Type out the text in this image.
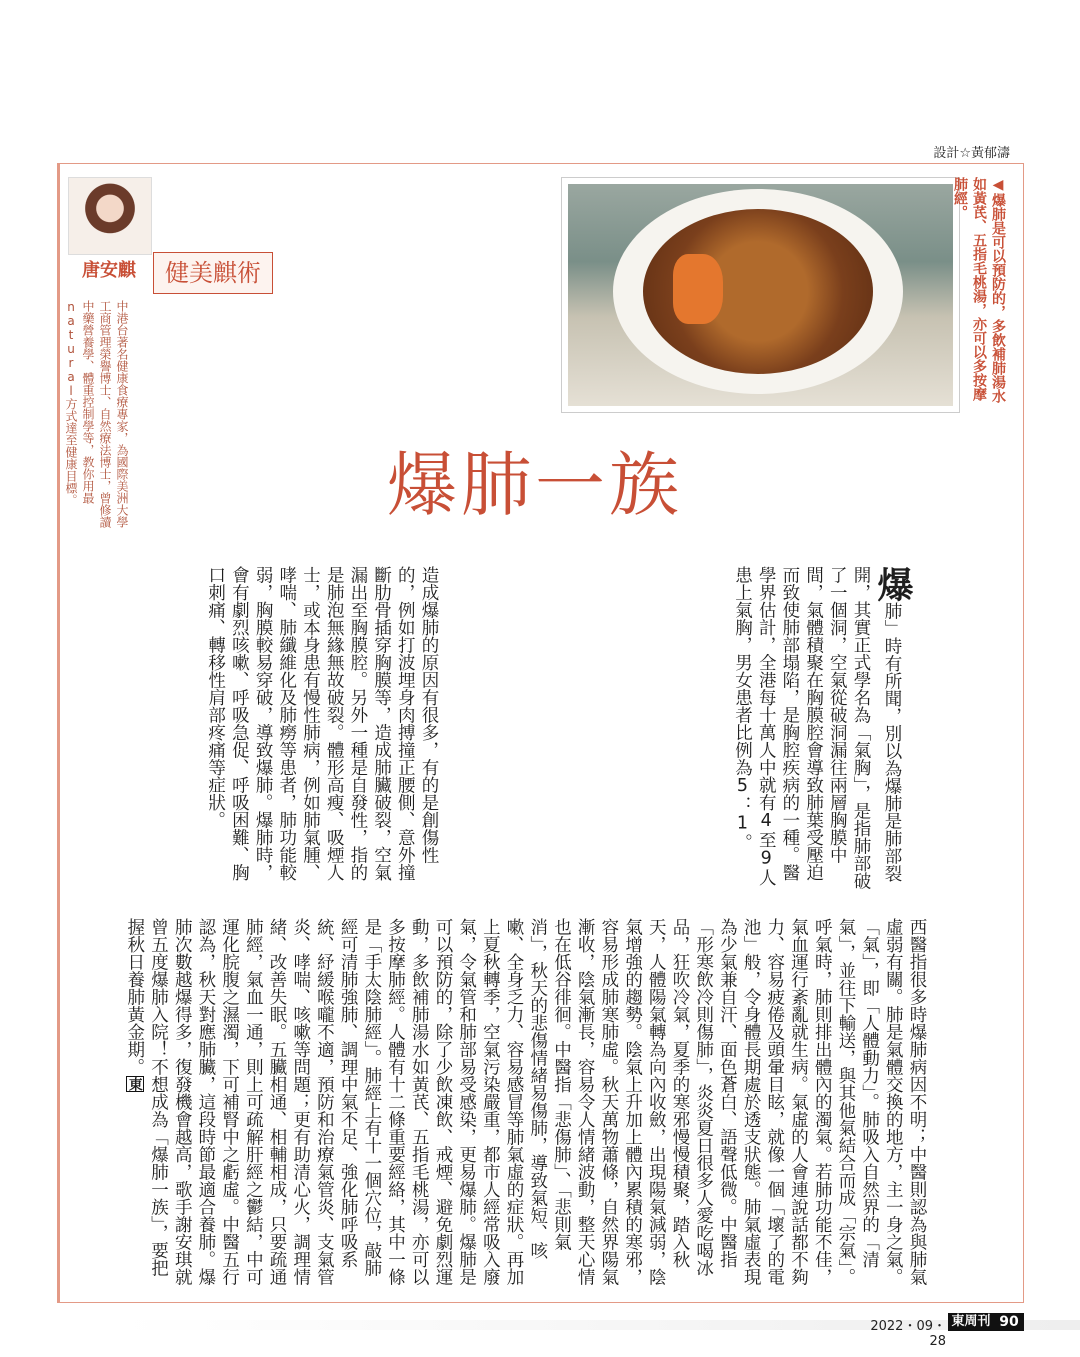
設計☆黃郁濤
唐安麒	健美麒術

中港台著名健康食療專家，為國際美洲大學工商管理榮譽博士、自然療法博士，曾修讀中藥營養學、體重控制學等，教你用最natural方式達至健康目標。	◀爆肺是可以預防的，多飲補肺湯水如黃芪、五指毛桃湯，亦可以多按摩肺經。

爆肺一族
爆肺」時有所聞，別以為爆肺是肺部裂開，其實正式學名為「氣胸」，是指肺部破了一個洞，空氣從破洞漏往兩層胸膜中間，氣體積聚在胸膜腔會導致肺葉受壓迫而致使肺部塌陷，是胸腔疾病的一種。醫學界估計，全港每十萬人中就有4至9人患上氣胸，男女患者比例為5：1。
造成爆肺的原因有很多，有的是創傷性的，例如打波埋身肉搏撞正腰側、意外撞斷肋骨插穿胸膜等，造成肺臟破裂，空氣漏出至胸膜腔。另外一種是自發性，指的是肺泡無緣無故破裂。體形高瘦、吸煙人士，或本身患有慢性肺病，例如肺氣腫、哮喘、肺纖維化及肺癆等患者，肺功能較弱，胸膜較易穿破，導致爆肺。爆肺時，會有劇烈咳嗽、呼吸急促、呼吸困難、胸口刺痛、轉移性肩部疼痛等症狀。
西醫指很多時爆肺病因不明；中醫則認為與肺氣虛弱有關。肺是氣體交換的地方，主一身之氣。「氣」，即「人體動力」。肺吸入自然界的「清氣」，並往下輸送，與其他氣結合而成「宗氣」。呼氣時，肺則排出體內的濁氣。若肺功能不佳，氣血運行紊亂就生病。氣虛的人會連說話都不夠力、容易疲倦及頭暈目眩，就像一個「壞了的電池」般，令身體長期處於透支狀態。肺氣虛表現為少氣兼自汗、面色蒼白、語聲低微。中醫指「形寒飲冷則傷肺」，炎炎夏日很多人愛吃喝冰品，狂吹冷氣，夏季的寒邪慢慢積聚，踏入秋天，人體陽氣轉為向內收斂，出現陽氣減弱，陰氣增強的趨勢。陰氣上升加上體內累積的寒邪，容易形成肺寒肺虛。秋天萬物蕭條，自然界陽氣漸收，陰氣漸長，容易令人情緒波動，整天心情也在低谷徘徊。中醫指「悲傷肺」、「悲則氣消」，秋天的悲傷情緒易傷肺，導致氣短、咳嗽、全身乏力、容易感冒等肺氣虛的症狀。再加上夏秋轉季，空氣污染嚴重，都市人經常吸入廢氣，令氣管和肺部易受感染，更易爆肺。爆肺是可以預防的，除了少飲凍飲、戒煙、避免劇烈運動，多飲補肺湯水如黃芪、五指毛桃湯，亦可以多按摩肺經。人體有十二條重要經絡，其中一條是「手太陰肺經」。肺經上有十一個穴位，敲肺經可清肺強肺、調理中氣不足、強化肺呼吸系統、紓緩喉嚨不適，預防和治療氣管炎、支氣管炎、哮喘、咳嗽等問題；更有助清心火，調理情緒、改善失眠。五臟相通、相輔相成，只要疏通肺經，氣血一通，則上可疏解肝經之鬱結，中可運化脘腹之濕濁，下可補腎中之虧虛。中醫五行認為，秋天對應肺臟，這段時節最適合養肺。爆肺次數越爆得多，復發機會越高，歌手謝安琪就曾五度爆肺入院！不想成為「爆肺一族」，要把握秋日養肺黃金期。東
2022・09・28
東周刊 90
